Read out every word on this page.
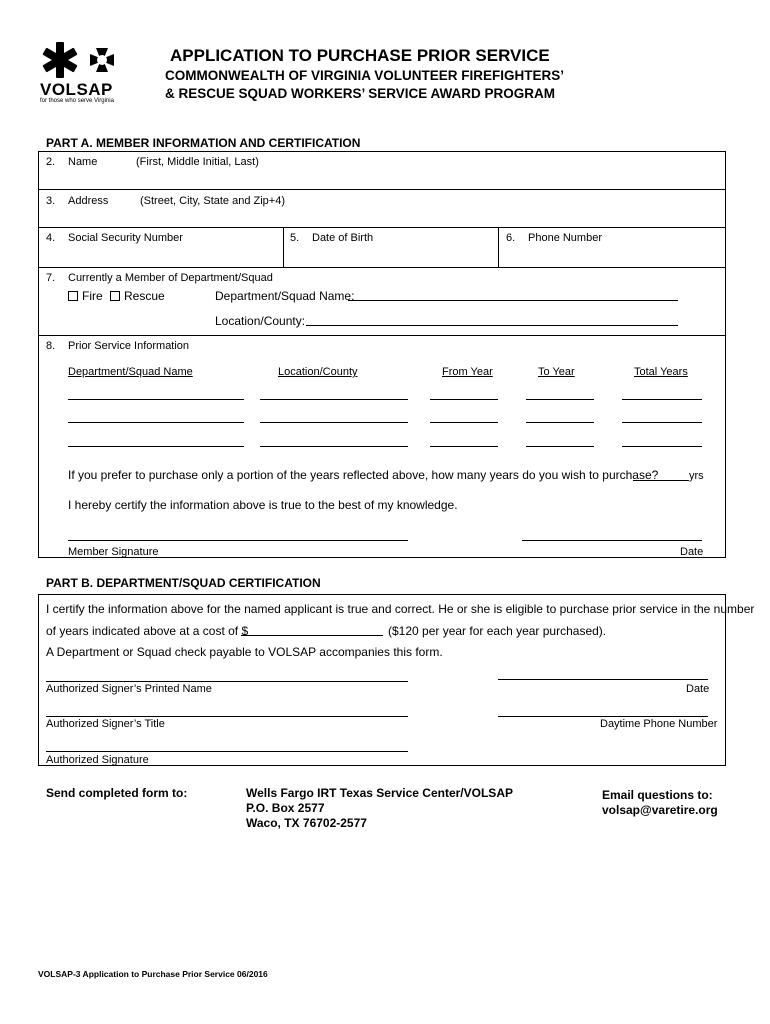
VOLSAP
for those who serve Virginia
APPLICATION TO PURCHASE PRIOR SERVICE
COMMONWEALTH OF VIRGINIA VOLUNTEER FIREFIGHTERS’
& RESCUE SQUAD WORKERS’ SERVICE AWARD PROGRAM
PART A. MEMBER INFORMATION AND CERTIFICATION
2. Name	(First, Middle Initial, Last)
3. Address	(Street, City, State and Zip+4)
4. Social Security Number	5. Date of Birth	6. Phone Number
7. Currently a Member of Department/Squad
Fire	Rescue	Department/Squad Name:
Location/County:
8. Prior Service Information
Department/Squad Name	Location/County	From Year	To Year	Total Years
If you prefer to purchase only a portion of the years reflected above, how many years do you wish to purchase?	yrs
I hereby certify the information above is true to the best of my knowledge.
Member Signature	Date
PART B. DEPARTMENT/SQUAD CERTIFICATION
I certify the information above for the named applicant is true and correct. He or she is eligible to purchase prior service in the number
of years indicated above at a cost of $	($120 per year for each year purchased).
A Department or Squad check payable to VOLSAP accompanies this form.
Authorized Signer’s Printed Name	Date
Authorized Signer’s Title	Daytime Phone Number
Authorized Signature
Send completed form to:	Wells Fargo IRT Texas Service Center/VOLSAP
P.O. Box 2577
Waco, TX 76702-2577
Email questions to:
volsap@varetire.org
VOLSAP-3 Application to Purchase Prior Service 06/2016
